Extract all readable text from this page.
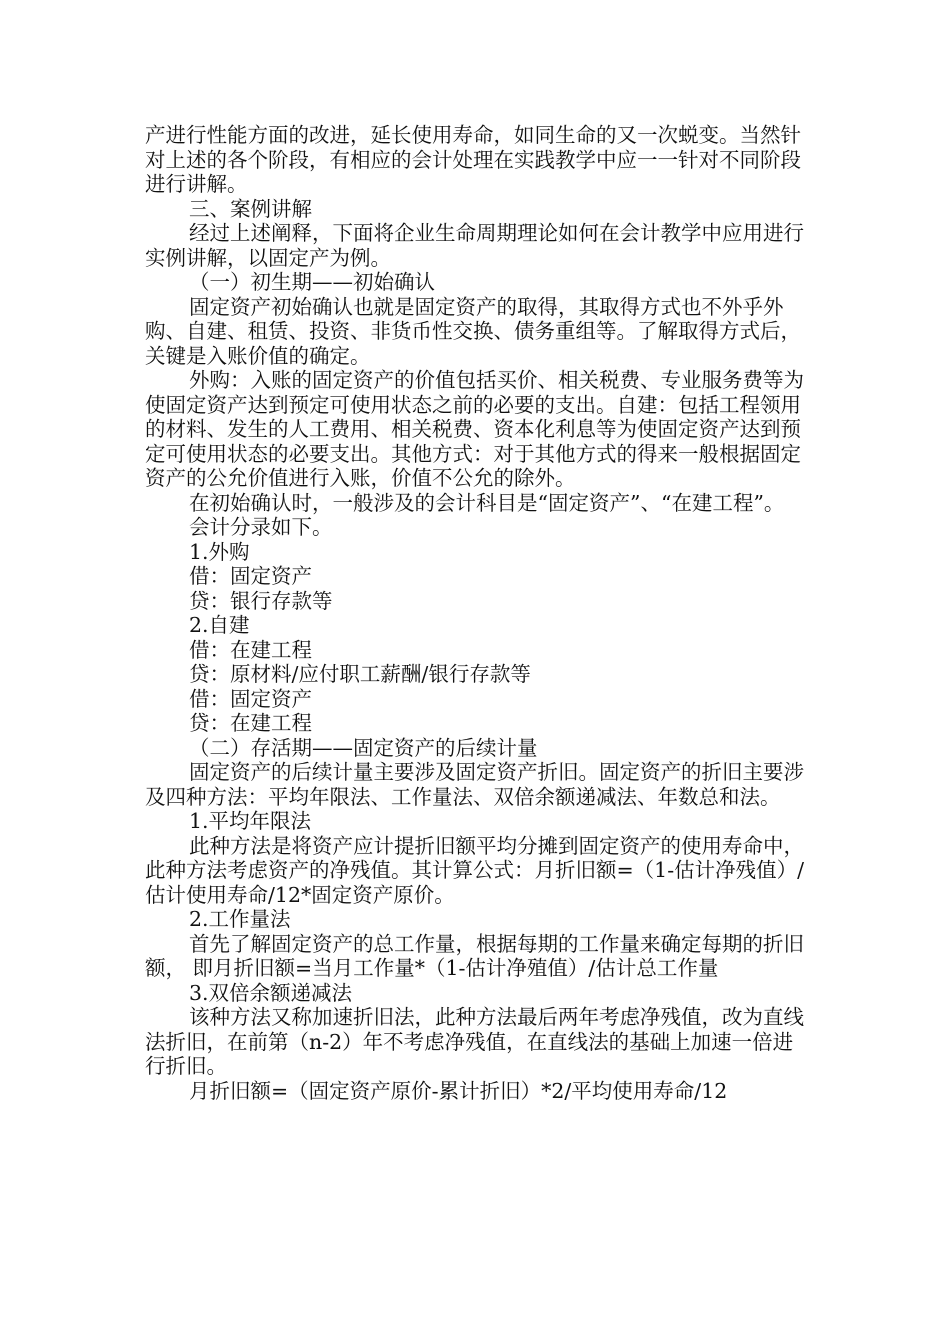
产进行性能方面的改进，延长使用寿命，如同生命的又一次蜕变。当然针对上述的各个阶段，有相应的会计处理在实践教学中应一一针对不同阶段进行讲解。

三、案例讲解

经过上述阐释，下面将企业生命周期理论如何在会计教学中应用进行实例讲解，以固定产为例。

（一）初生期——初始确认

固定资产初始确认也就是固定资产的取得，其取得方式也不外乎外购、自建、租赁、投资、非货币性交换、债务重组等。了解取得方式后，关键是入账价值的确定。

外购：入账的固定资产的价值包括买价、相关税费、专业服务费等为使固定资产达到预定可使用状态之前的必要的支出。自建：包括工程领用的材料、发生的人工费用、相关税费、资本化利息等为使固定资产达到预定可使用状态的必要支出。其他方式：对于其他方式的得来一般根据固定资产的公允价值进行入账，价值不公允的除外。

在初始确认时，一般涉及的会计科目是“固定资产”、“在建工程”。

会计分录如下。

1.外购

借：固定资产

贷：银行存款等

2.自建

借：在建工程

贷：原材料/应付职工薪酬/银行存款等

借：固定资产

贷：在建工程

（二）存活期——固定资产的后续计量

固定资产的后续计量主要涉及固定资产折旧。固定资产的折旧主要涉及四种方法：平均年限法、工作量法、双倍余额递减法、年数总和法。

1.平均年限法

此种方法是将资产应计提折旧额平均分摊到固定资产的使用寿命中，此种方法考虑资产的净残值。其计算公式：月折旧额=（1-估计净残值）/估计使用寿命/12*固定资产原价。

2.工作量法

首先了解固定资产的总工作量，根据每期的工作量来确定每期的折旧额， 即月折旧额=当月工作量*（1-估计净殖值）/估计总工作量

3.双倍余额递减法

该种方法又称加速折旧法，此种方法最后两年考虑净残值，改为直线法折旧，在前第（n-2）年不考虑净残值，在直线法的基础上加速一倍进行折旧。

月折旧额=（固定资产原价-累计折旧）*2/平均使用寿命/12
